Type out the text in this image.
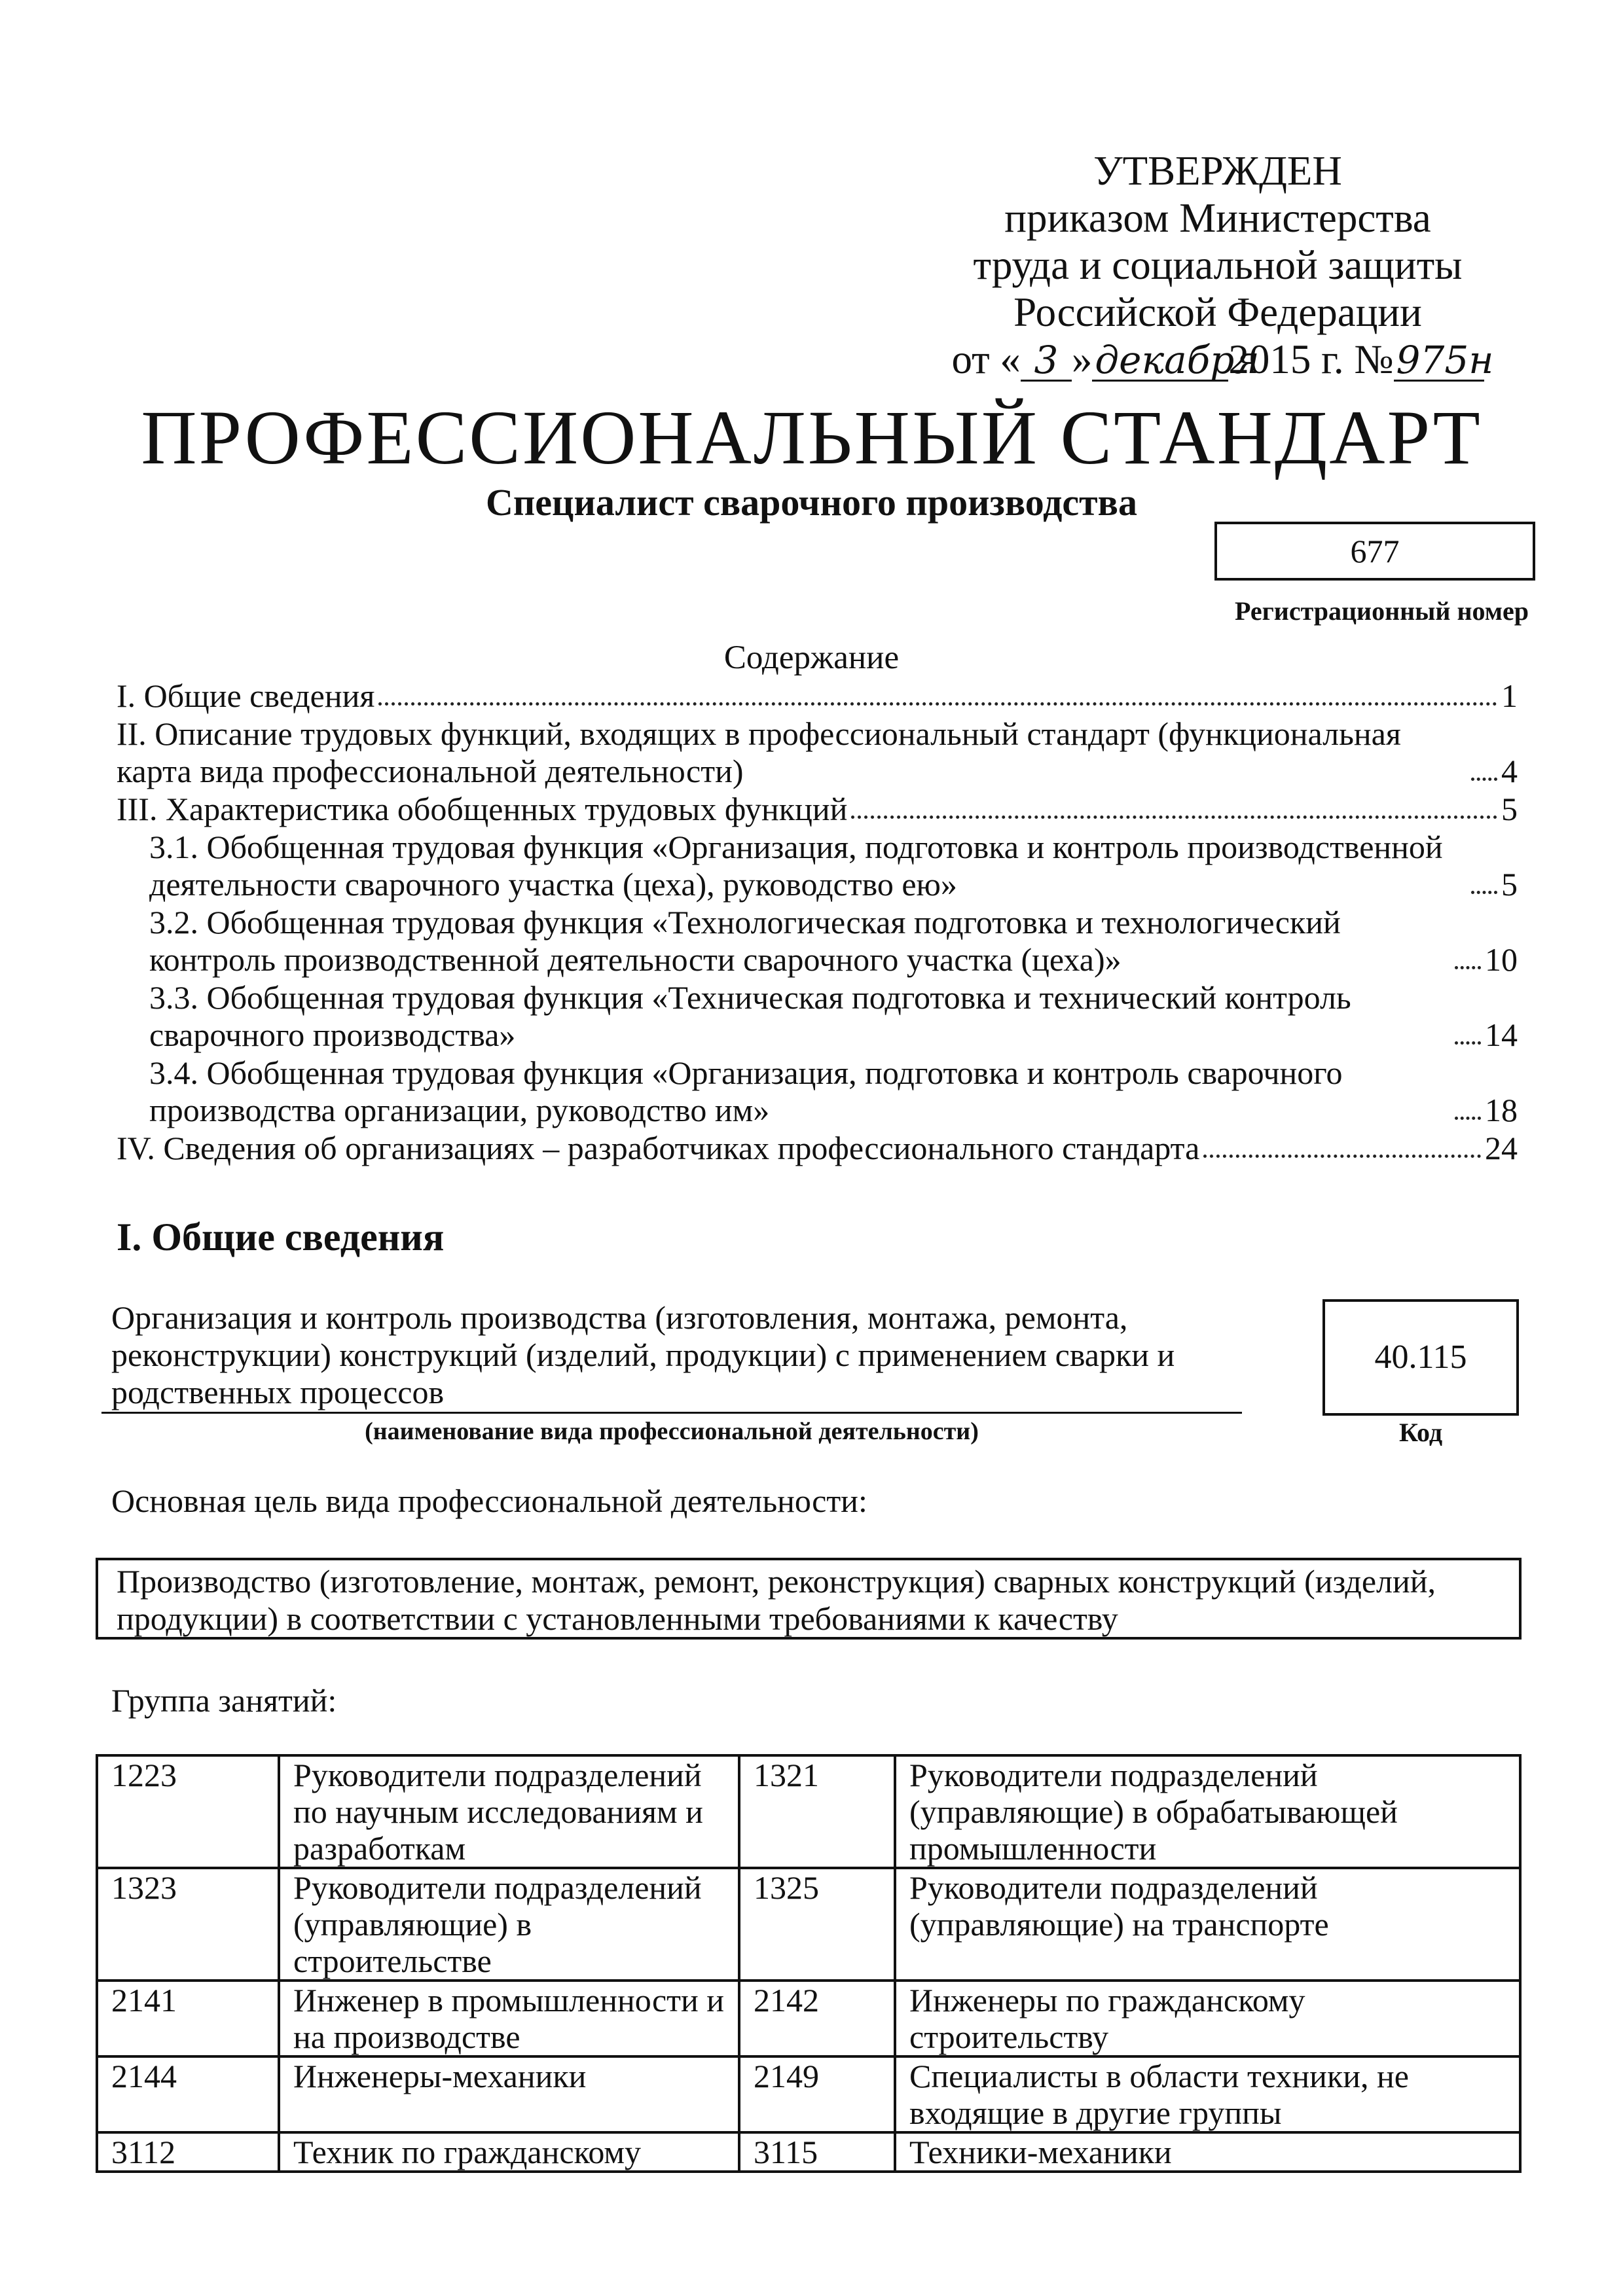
УТВЕРЖДЕН
приказом Министерства
труда и социальной защиты
Российской Федерации
от « 3 »декабря2015 г. №975н
ПРОФЕССИОНАЛЬНЫЙ СТАНДАРТ
Специалист сварочного производства
677
Регистрационный номер
Содержание
I. Общие сведения	1
II. Описание трудовых функций, входящих в профессиональный стандарт (функциональная карта вида профессиональной деятельности)	4
III. Характеристика обобщенных трудовых функций	5
3.1. Обобщенная трудовая функция «Организация, подготовка и контроль производственной деятельности сварочного участка (цеха), руководство ею»	5
3.2. Обобщенная трудовая функция «Технологическая подготовка и технологический контроль производственной деятельности сварочного участка (цеха)»	10
3.3. Обобщенная трудовая функция «Техническая подготовка и технический контроль сварочного производства»	14
3.4. Обобщенная трудовая функция «Организация, подготовка и контроль сварочного производства организации, руководство им»	18
IV. Сведения об организациях – разработчиках профессионального стандарта	24
I. Общие сведения
Организация и контроль производства (изготовления, монтажа, ремонта, реконструкции) конструкций (изделий, продукции) с применением сварки и родственных процессов
(наименование вида профессиональной деятельности)
40.115
Код
Основная цель вида профессиональной деятельности:
Производство (изготовление, монтаж, ремонт, реконструкция) сварных конструкций (изделий, продукции) в соответствии с установленными требованиями к качеству
Группа занятий:
1223	Руководители подразделений по научным исследованиям и разработкам	1321	Руководители подразделений (управляющие) в обрабатывающей промышленности
1323	Руководители подразделений (управляющие) в строительстве	1325	Руководители подразделений (управляющие) на транспорте
2141	Инженер в промышленности и на производстве	2142	Инженеры по гражданскому строительству
2144	Инженеры-механики	2149	Специалисты в области техники, не входящие в другие группы
3112	Техник по гражданскому	3115	Техники-механики
